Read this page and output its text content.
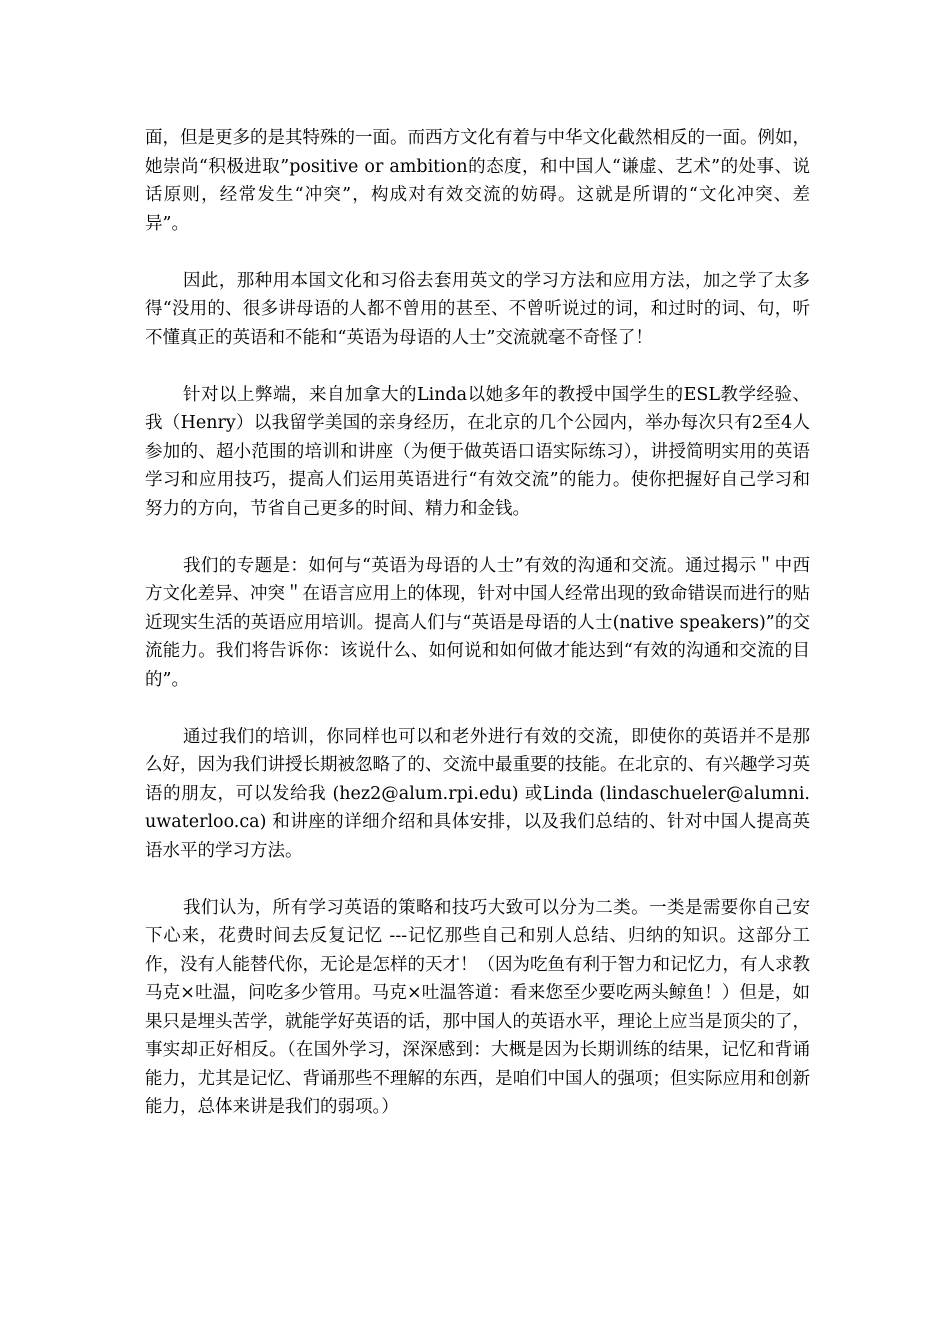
面，但是更多的是其特殊的一面。而西方文化有着与中华文化截然相反的一面。例如，她崇尚“积极进取”positive or ambition的态度，和中国人“谦虚、艺术”的处事、说话原则，经常发生“冲突”，构成对有效交流的妨碍。这就是所谓的“文化冲突、差异”。

因此，那种用本国文化和习俗去套用英文的学习方法和应用方法，加之学了太多得“没用的、很多讲母语的人都不曾用的甚至、不曾听说过的词，和过时的词、句，听不懂真正的英语和不能和“英语为母语的人士”交流就毫不奇怪了！

针对以上弊端，来自加拿大的Linda以她多年的教授中国学生的ESL教学经验、 我（Henry）以我留学美国的亲身经历，在北京的几个公园内，举办每次只有2至4人参加的、超小范围的培训和讲座（为便于做英语口语实际练习），讲授简明实用的英语学习和应用技巧，提高人们运用英语进行“有效交流”的能力。使你把握好自己学习和努力的方向，节省自己更多的时间、精力和金钱。

我们的专题是：如何与“英语为母语的人士”有效的沟通和交流。通过揭示＂中西方文化差异、冲突＂在语言应用上的体现，针对中国人经常出现的致命错误而进行的贴近现实生活的英语应用培训。提高人们与“英语是母语的人士(native speakers)”的交流能力。我们将告诉你：该说什么、如何说和如何做才能达到“有效的沟通和交流的目的”。

通过我们的培训，你同样也可以和老外进行有效的交流，即使你的英语并不是那么好，因为我们讲授长期被忽略了的、交流中最重要的技能。在北京的、有兴趣学习英语的朋友，可以发给我 (hez2@alum.rpi.edu) 或Linda (lindaschueler@alumni.uwaterloo.ca) 和讲座的详细介绍和具体安排，以及我们总结的、针对中国人提高英语水平的学习方法。

我们认为，所有学习英语的策略和技巧大致可以分为二类。一类是需要你自己安下心来，花费时间去反复记忆 ---记忆那些自己和别人总结、归纳的知识。这部分工作，没有人能替代你，无论是怎样的天才！（因为吃鱼有利于智力和记忆力，有人求教马克×吐温，问吃多少管用。马克×吐温答道：看来您至少要吃两头鲸鱼！）但是，如果只是埋头苦学，就能学好英语的话，那中国人的英语水平，理论上应当是顶尖的了，事实却正好相反。（在国外学习，深深感到：大概是因为长期训练的结果，记忆和背诵能力，尤其是记忆、背诵那些不理解的东西，是咱们中国人的强项；但实际应用和创新能力，总体来讲是我们的弱项。）
